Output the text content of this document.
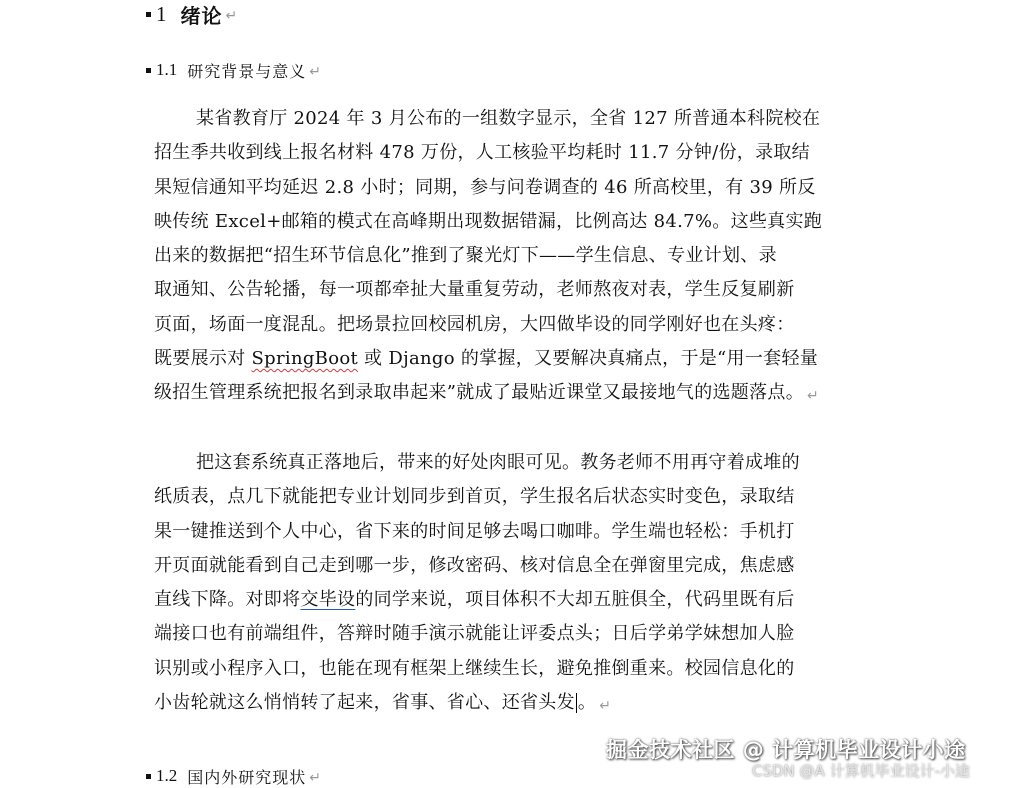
1 绪论 ↵
1.1 研究背景与意义 ↵
某省教育厅 2024 年 3 月公布的一组数字显示，全省 127 所普通本科院校在
招生季共收到线上报名材料 478 万份，人工核验平均耗时 11.7 分钟/份，录取结
果短信通知平均延迟 2.8 小时；同期，参与问卷调查的 46 所高校里，有 39 所反
映传统 Excel+邮箱的模式在高峰期出现数据错漏，比例高达 84.7%。这些真实跑
出来的数据把“招生环节信息化”推到了聚光灯下——学生信息、专业计划、录
取通知、公告轮播，每一项都牵扯大量重复劳动，老师熬夜对表，学生反复刷新
页面，场面一度混乱。把场景拉回校园机房，大四做毕设的同学刚好也在头疼：
既要展示对 SpringBoot 或 Django 的掌握，又要解决真痛点，于是“用一套轻量
级招生管理系统把报名到录取串起来”就成了最贴近课堂又最接地气的选题落点。 ↵
把这套系统真正落地后，带来的好处肉眼可见。教务老师不用再守着成堆的
纸质表，点几下就能把专业计划同步到首页，学生报名后状态实时变色，录取结
果一键推送到个人中心，省下来的时间足够去喝口咖啡。学生端也轻松：手机打
开页面就能看到自己走到哪一步，修改密码、核对信息全在弹窗里完成，焦虑感
直线下降。对即将交毕设的同学来说，项目体积不大却五脏俱全，代码里既有后
端接口也有前端组件，答辩时随手演示就能让评委点头；日后学弟学妹想加人脸
识别或小程序入口，也能在现有框架上继续生长，避免推倒重来。校园信息化的
小齿轮就这么悄悄转了起来，省事、省心、还省头发 。 ↵
1.2 国内外研究现状 ↵
掘金技术社区 @ 计算机毕业设计小途
CSDN @A 计算机毕业设计-小途
